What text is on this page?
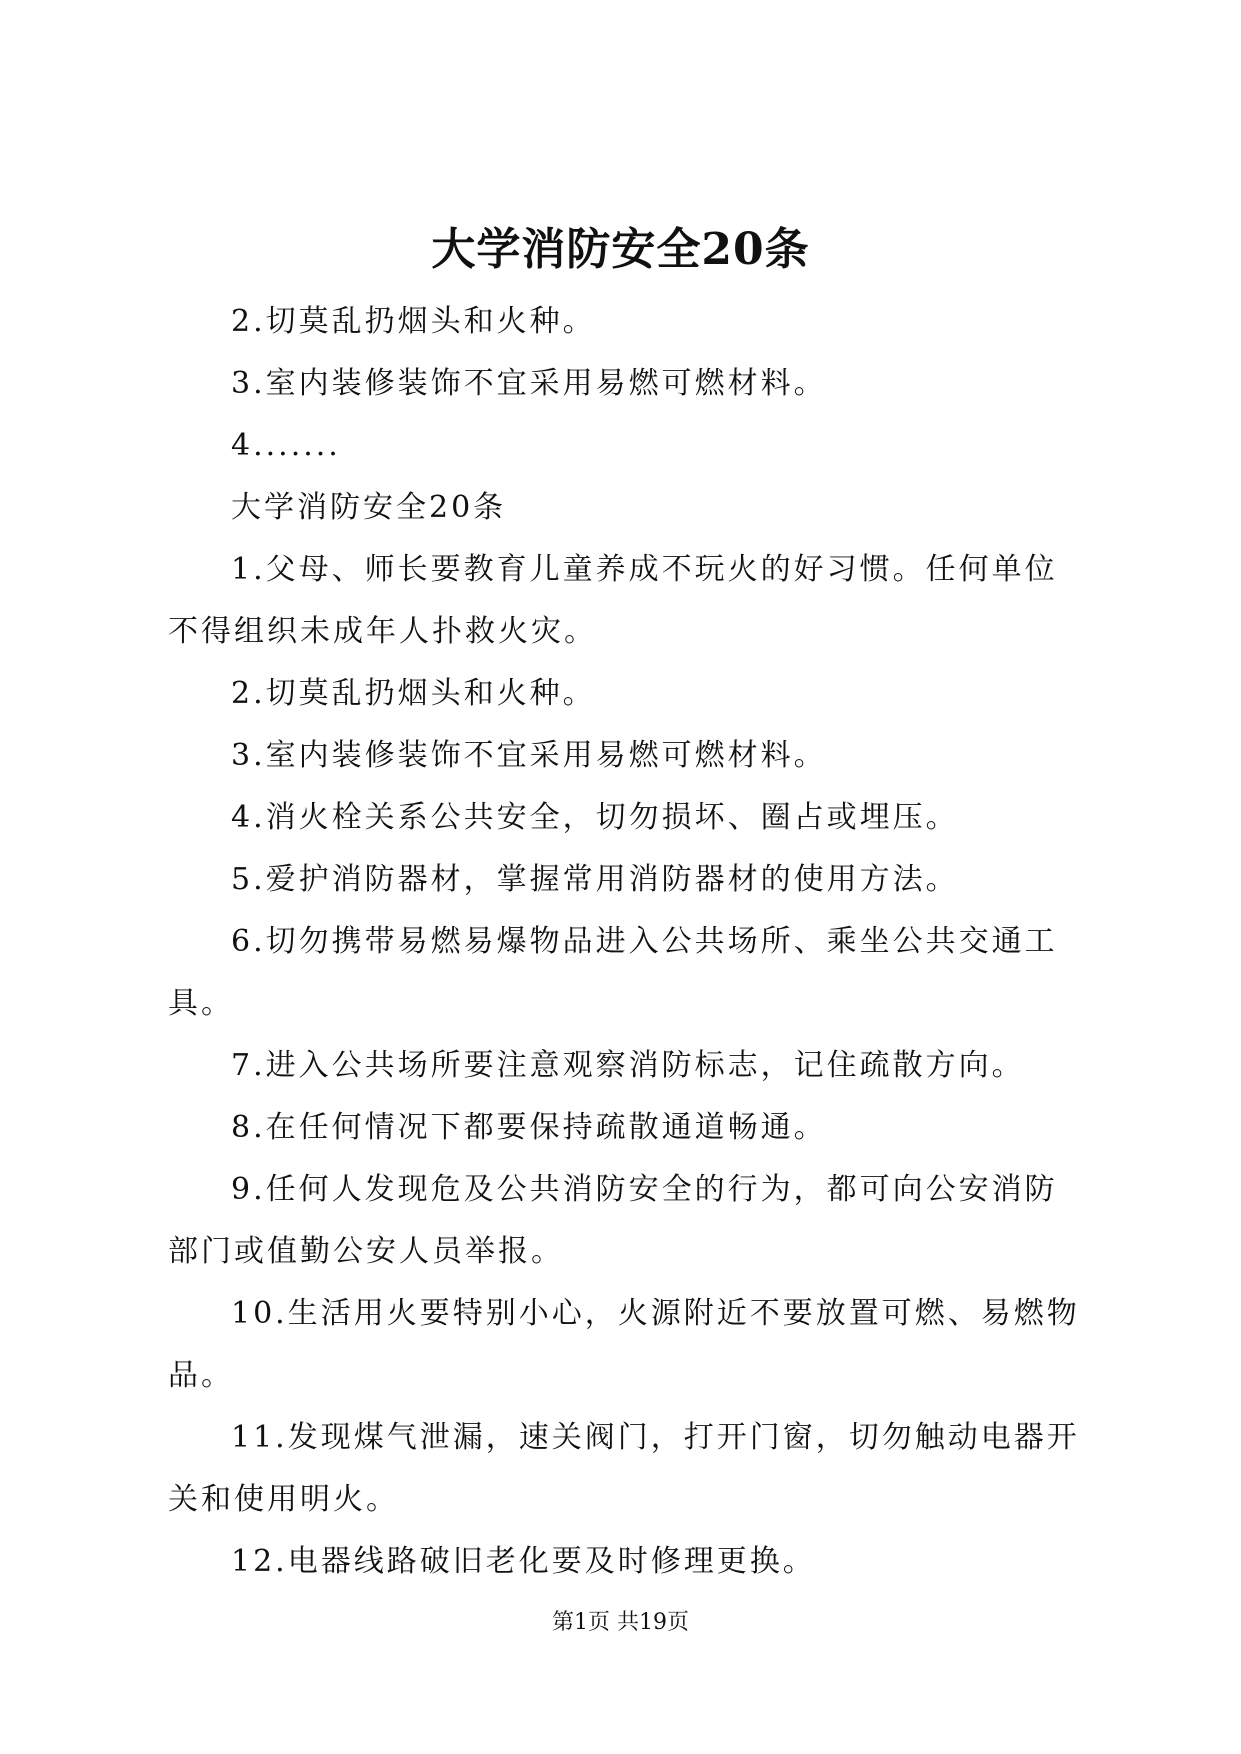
大学消防安全20条

2.切莫乱扔烟头和火种。

3.室内装修装饰不宜采用易燃可燃材料。

4.......

大学消防安全20条

1.父母、师长要教育儿童养成不玩火的好习惯。任何单位不得组织未成年人扑救火灾。

2.切莫乱扔烟头和火种。

3.室内装修装饰不宜采用易燃可燃材料。

4.消火栓关系公共安全，切勿损坏、圈占或埋压。

5.爱护消防器材，掌握常用消防器材的使用方法。

6.切勿携带易燃易爆物品进入公共场所、乘坐公共交通工具。

7.进入公共场所要注意观察消防标志，记住疏散方向。

8.在任何情况下都要保持疏散通道畅通。

9.任何人发现危及公共消防安全的行为，都可向公安消防部门或值勤公安人员举报。

10.生活用火要特别小心，火源附近不要放置可燃、易燃物品。

11.发现煤气泄漏，速关阀门，打开门窗，切勿触动电器开关和使用明火。

12.电器线路破旧老化要及时修理更换。

第1页 共19页
